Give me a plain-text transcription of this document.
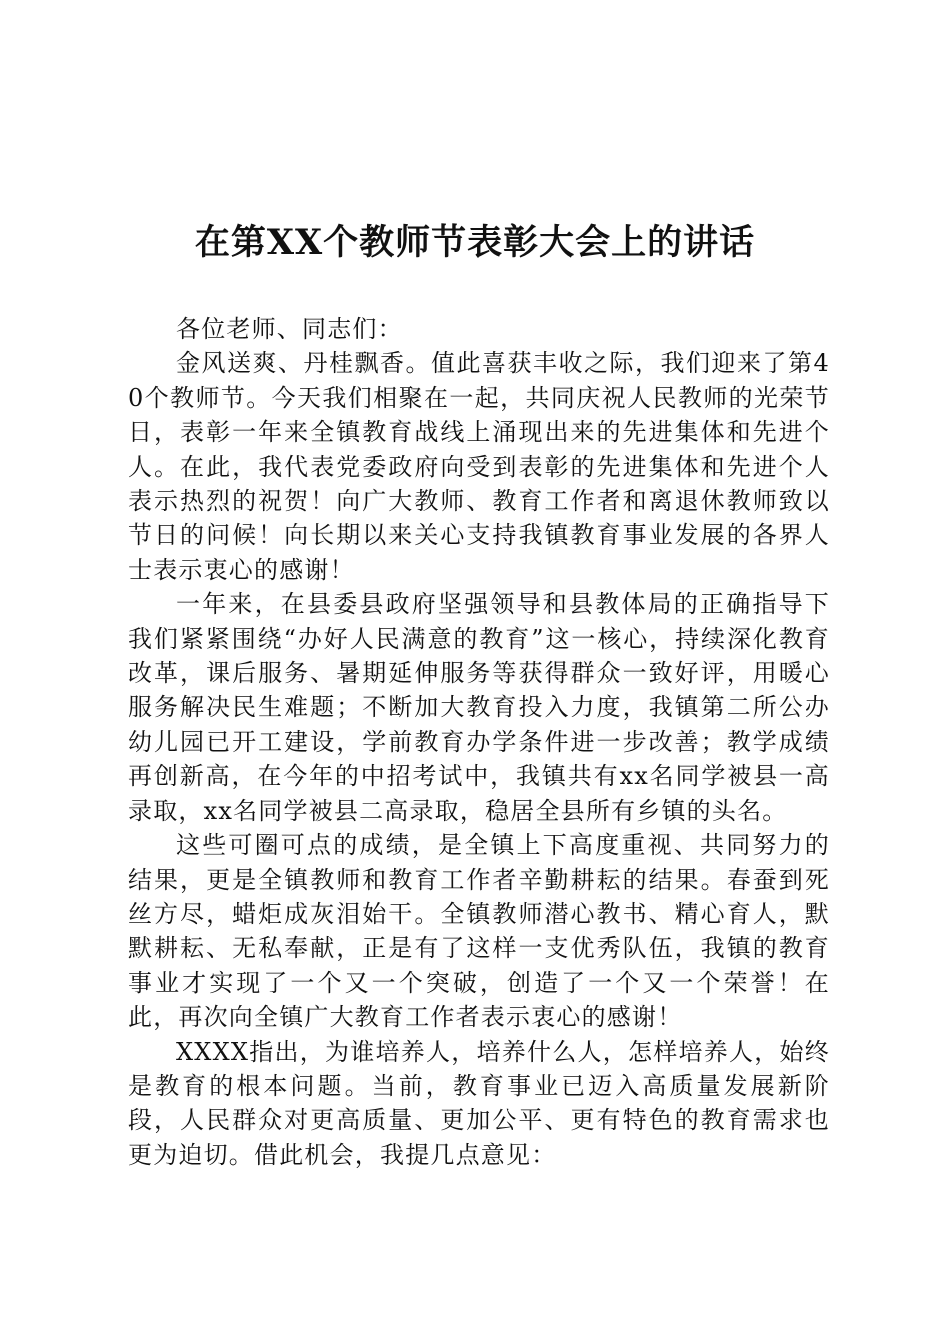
在第XX个教师节表彰大会上的讲话

各位老师、同志们：

金风送爽、丹桂飘香。值此喜获丰收之际，我们迎来了第40个教师节。今天我们相聚在一起，共同庆祝人民教师的光荣节日，表彰一年来全镇教育战线上涌现出来的先进集体和先进个人。在此，我代表党委政府向受到表彰的先进集体和先进个人表示热烈的祝贺！向广大教师、教育工作者和离退休教师致以节日的问候！向长期以来关心支持我镇教育事业发展的各界人士表示衷心的感谢！

一年来，在县委县政府坚强领导和县教体局的正确指导下我们紧紧围绕“办好人民满意的教育”这一核心，持续深化教育改革，课后服务、暑期延伸服务等获得群众一致好评，用暖心服务解决民生难题；不断加大教育投入力度，我镇第二所公办幼儿园已开工建设，学前教育办学条件进一步改善；教学成绩再创新高，在今年的中招考试中，我镇共有xx名同学被县一高录取，xx名同学被县二高录取，稳居全县所有乡镇的头名。

这些可圈可点的成绩，是全镇上下高度重视、共同努力的结果，更是全镇教师和教育工作者辛勤耕耘的结果。春蚕到死丝方尽，蜡炬成灰泪始干。全镇教师潜心教书、精心育人，默默耕耘、无私奉献，正是有了这样一支优秀队伍，我镇的教育事业才实现了一个又一个突破，创造了一个又一个荣誉！在此，再次向全镇广大教育工作者表示衷心的感谢！

XXXX指出，为谁培养人，培养什么人，怎样培养人，始终是教育的根本问题。当前，教育事业已迈入高质量发展新阶段，人民群众对更高质量、更加公平、更有特色的教育需求也更为迫切。借此机会，我提几点意见：
